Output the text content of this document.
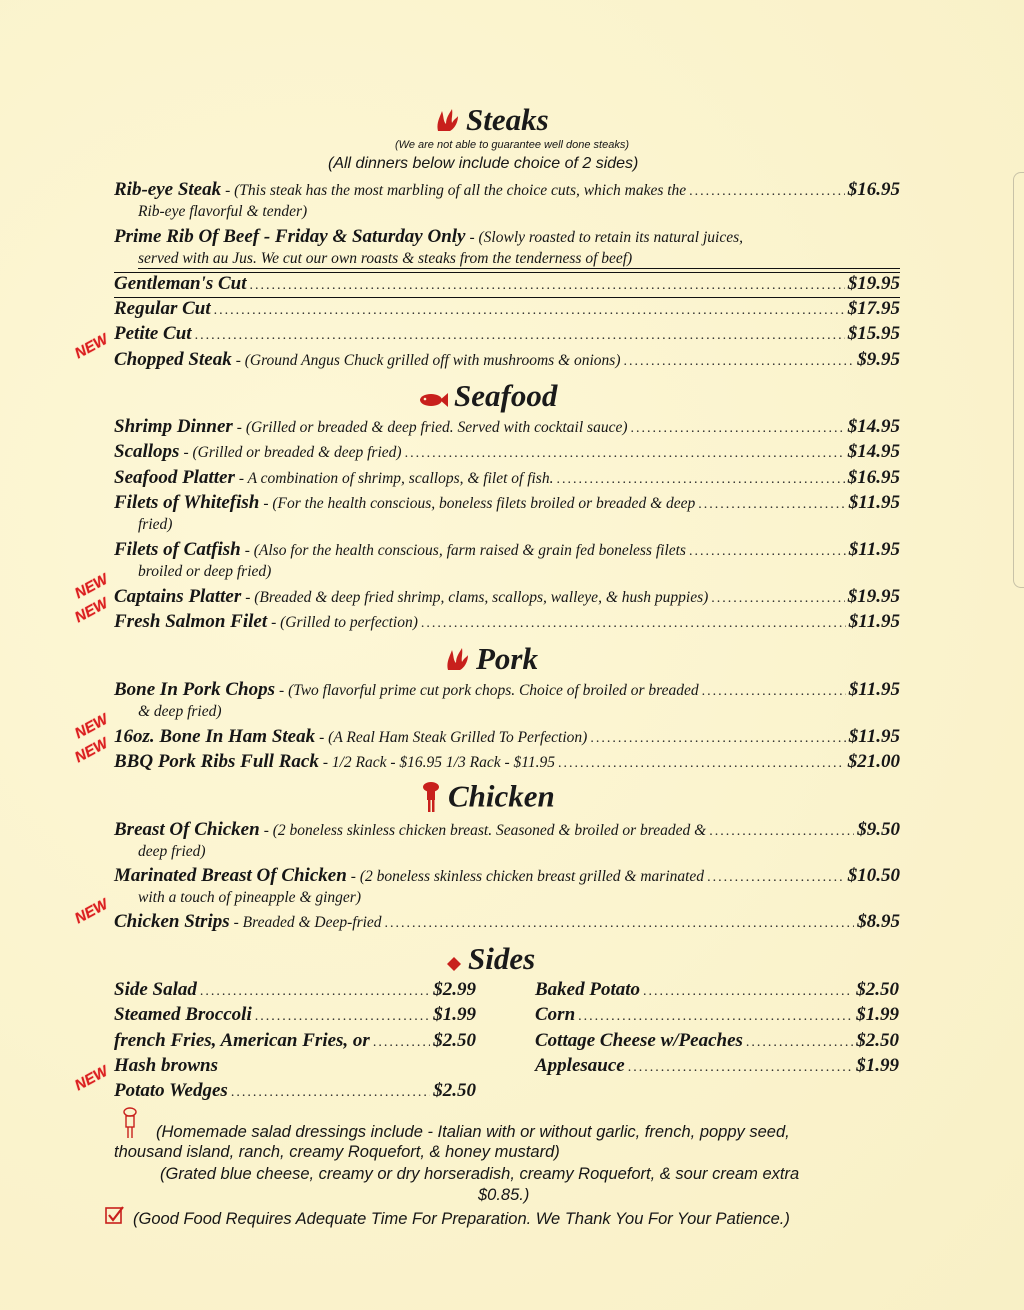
Steaks
(We are not able to guarantee well done steaks)
(All dinners below include choice of 2 sides)
Rib-eye Steak - (This steak has the most marbling of all the choice cuts, which makes the .....	$16.95
Rib-eye flavorful & tender)
Prime Rib Of Beef - Friday & Saturday Only - (Slowly roasted to retain its natural juices,
served with au Jus. We cut our own roasts & steaks from the tenderness of beef)
Gentleman's Cut .....	$19.95
Regular Cut .....	$17.95
Petite Cut .....	$15.95
NEW Chopped Steak - (Ground Angus Chuck grilled off with mushrooms & onions) .....	$9.95
Seafood
Shrimp Dinner - (Grilled or breaded & deep fried. Served with cocktail sauce) .....	$14.95
Scallops - (Grilled or breaded & deep fried) .....	$14.95
Seafood Platter - A combination of shrimp, scallops, & filet of fish. .....	$16.95
Filets of Whitefish - (For the health conscious, boneless filets broiled or breaded & deep .....	$11.95
fried)
Filets of Catfish - (Also for the health conscious, farm raised & grain fed boneless filets .....	$11.95
broiled or deep fried)
NEW Captains Platter - (Breaded & deep fried shrimp, clams, scallops, walleye, & hush puppies) .....	$19.95
NEW Fresh Salmon Filet - (Grilled to perfection) .....	$11.95
Pork
Bone In Pork Chops - (Two flavorful prime cut pork chops. Choice of broiled or breaded .....	$11.95
& deep fried)
NEW 16oz. Bone In Ham Steak - (A Real Ham Steak Grilled To Perfection) .....	$11.95
NEW BBQ Pork Ribs Full Rack - 1/2 Rack - $16.95 1/3 Rack - $11.95 .....	$21.00
Chicken
Breast Of Chicken - (2 boneless skinless chicken breast. Seasoned & broiled or breaded & .....	$9.50
deep fried)
Marinated Breast Of Chicken - (2 boneless skinless chicken breast grilled & marinated .....	$10.50
with a touch of pineapple & ginger)
NEW Chicken Strips - Breaded & Deep-fried .....	$8.95
Sides
Side Salad .....	$2.99
Steamed Broccoli .....	$1.99
french Fries, American Fries, or .....	$2.50
Hash browns
NEW Potato Wedges .....	$2.50
Baked Potato .....	$2.50
Corn .....	$1.99
Cottage Cheese w/Peaches .....	$2.50
Applesauce .....	$1.99
(Homemade salad dressings include - Italian with or without garlic, french, poppy seed,
thousand island, ranch, creamy Roquefort, & honey mustard)
(Grated blue cheese, creamy or dry horseradish, creamy Roquefort, & sour cream extra
$0.85.)
(Good Food Requires Adequate Time For Preparation. We Thank You For Your Patience.)
